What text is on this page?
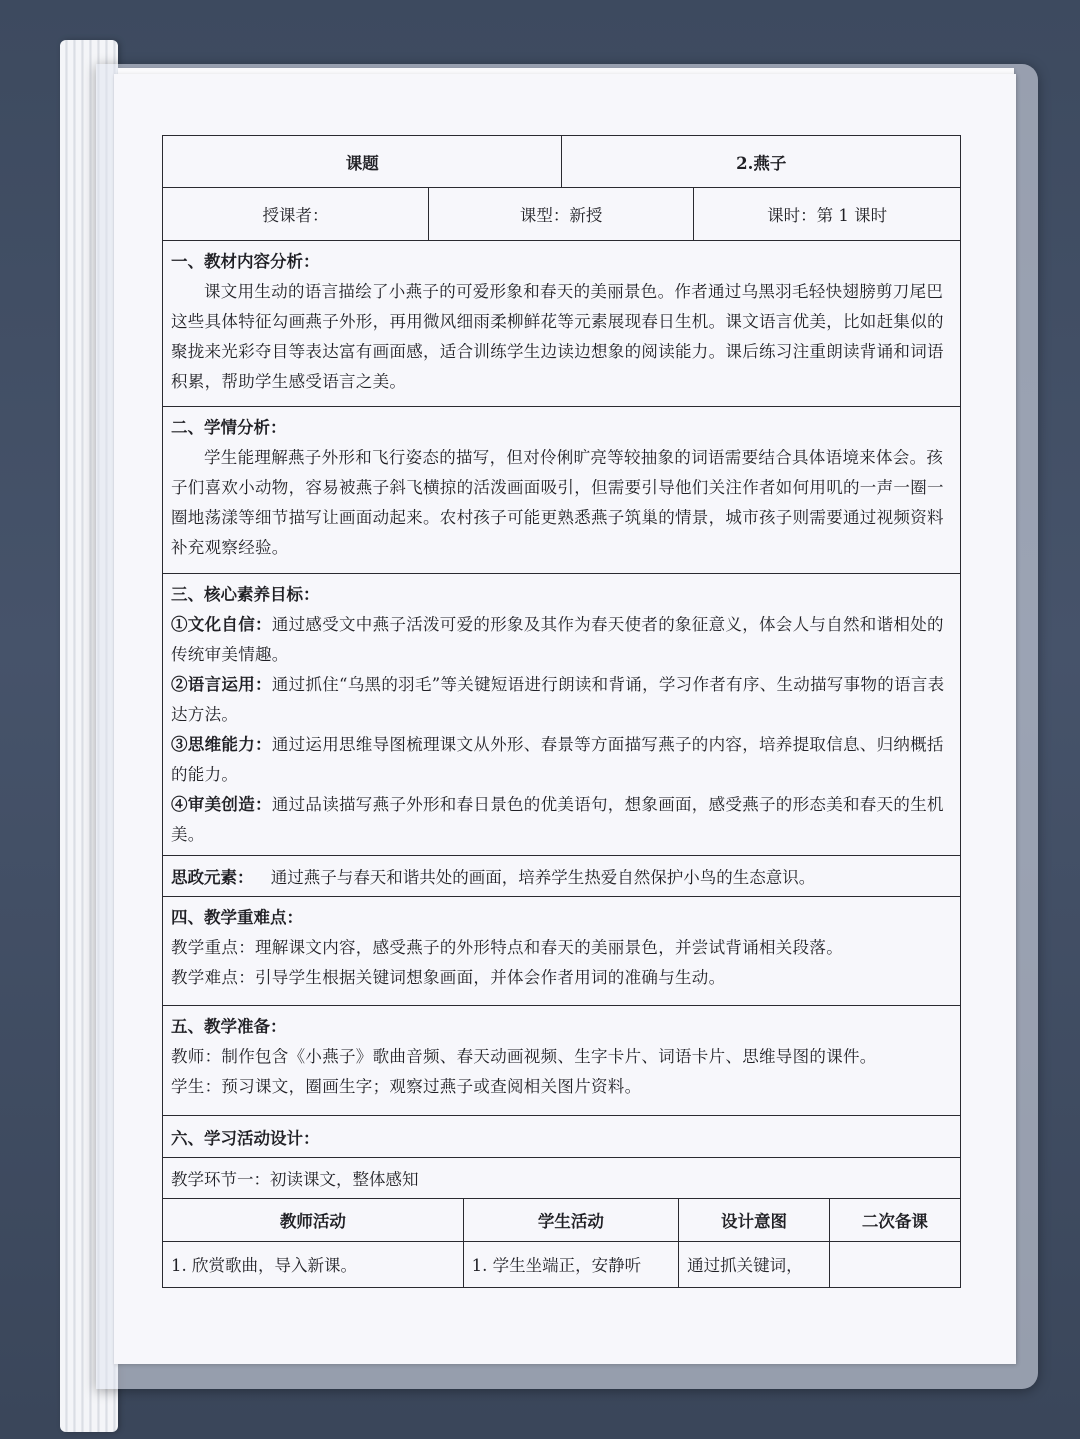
课题	2.燕子

授课者：	课型：新授	课时：第 1 课时

一、教材内容分析：

课文用生动的语言描绘了小燕子的可爱形象和春天的美丽景色。作者通过乌黑羽毛轻快翅膀剪刀尾巴这些具体特征勾画燕子外形，再用微风细雨柔柳鲜花等元素展现春日生机。课文语言优美，比如赶集似的聚拢来光彩夺目等表达富有画面感，适合训练学生边读边想象的阅读能力。课后练习注重朗读背诵和词语积累，帮助学生感受语言之美。

二、学情分析：

学生能理解燕子外形和飞行姿态的描写，但对伶俐旷亮等较抽象的词语需要结合具体语境来体会。孩子们喜欢小动物，容易被燕子斜飞横掠的活泼画面吸引，但需要引导他们关注作者如何用叽的一声一圈一圈地荡漾等细节描写让画面动起来。农村孩子可能更熟悉燕子筑巢的情景，城市孩子则需要通过视频资料补充观察经验。

三、核心素养目标：

①文化自信：通过感受文中燕子活泼可爱的形象及其作为春天使者的象征意义，体会人与自然和谐相处的传统审美情趣。

②语言运用：通过抓住“乌黑的羽毛”等关键短语进行朗读和背诵，学习作者有序、生动描写事物的语言表达方法。

③思维能力：通过运用思维导图梳理课文从外形、春景等方面描写燕子的内容，培养提取信息、归纳概括的能力。

④审美创造：通过品读描写燕子外形和春日景色的优美语句，想象画面，感受燕子的形态美和春天的生机美。

思政元素： 通过燕子与春天和谐共处的画面，培养学生热爱自然保护小鸟的生态意识。

四、教学重难点：

教学重点：理解课文内容，感受燕子的外形特点和春天的美丽景色，并尝试背诵相关段落。

教学难点：引导学生根据关键词想象画面，并体会作者用词的准确与生动。

五、教学准备：

教师：制作包含《小燕子》歌曲音频、春天动画视频、生字卡片、词语卡片、思维导图的课件。

学生：预习课文，圈画生字；观察过燕子或查阅相关图片资料。

六、学习活动设计：
教学环节一：初读课文，整体感知

教师活动	学生活动	设计意图	二次备课
1. 欣赏歌曲，导入新课。	1. 学生坐端正，安静听	通过抓关键词，	
